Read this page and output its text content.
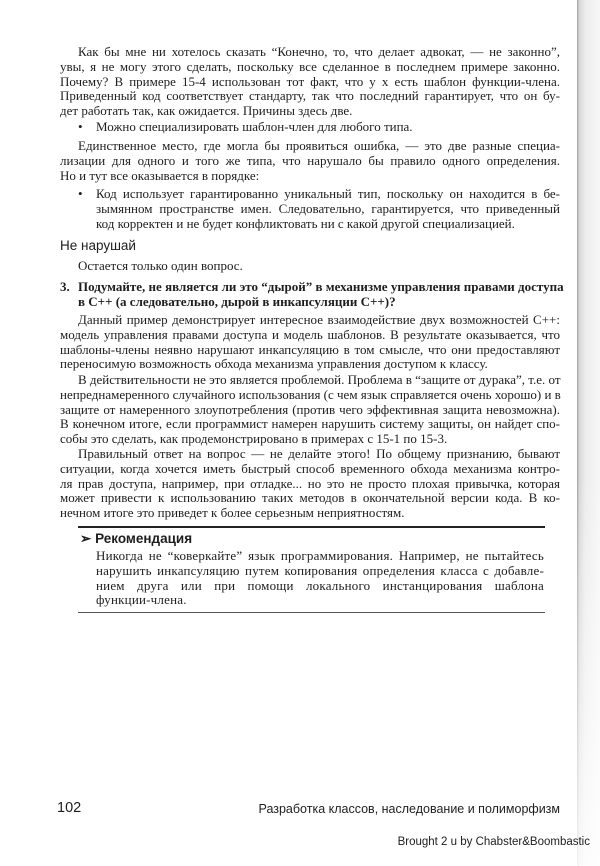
Как бы мне ни хотелось сказать “Конечно, то, что делает адвокат, — не законно”,
увы, я не могу этого сделать, поскольку все сделанное в последнем примере законно.
Почему? В примере 15-4 использован тот факт, что у x есть шаблон функции-члена.
Приведенный код соответствует стандарту, так что последний гарантирует, что он бу-
дет работать так, как ожидается. Причины здесь две.
• Можно специализировать шаблон-член для любого типа.
Единственное место, где могла бы проявиться ошибка, — это две разные специа-
лизации для одного и того же типа, что нарушало бы правило одного определения.
Но и тут все оказывается в порядке:
• Код использует гарантированно уникальный тип, поскольку он находится в бе-
зымянном пространстве имен. Следовательно, гарантируется, что приведенный
код корректен и не будет конфликтовать ни с какой другой специализацией.
Не нарушай
Остается только один вопрос.
3. Подумайте, не является ли это “дырой” в механизме управления правами доступа
в C++ (а следовательно, дырой в инкапсуляции C++)?
Данный пример демонстрирует интересное взаимодействие двух возможностей C++:
модель управления правами доступа и модель шаблонов. В результате оказывается, что
шаблоны-члены неявно нарушают инкапсуляцию в том смысле, что они предоставляют
переносимую возможность обхода механизма управления доступом к классу.
В действительности не это является проблемой. Проблема в “защите от дурака”, т.е. от
непреднамеренного случайного использования (с чем язык справляется очень хорошо) и в
защите от намеренного злоупотребления (против чего эффективная защита невозможна).
В конечном итоге, если программист намерен нарушить систему защиты, он найдет спо-
собы это сделать, как продемонстрировано в примерах с 15-1 по 15-3.
Правильный ответ на вопрос — не делайте этого! По общему признанию, бывают
ситуации, когда хочется иметь быстрый способ временного обхода механизма контро-
ля прав доступа, например, при отладке... но это не просто плохая привычка, которая
может привести к использованию таких методов в окончательной версии кода. В ко-
нечном итоге это приведет к более серьезным неприятностям.
➢ Рекомендация
Никогда не “коверкайте” язык программирования. Например, не пытайтесь
нарушить инкапсуляцию путем копирования определения класса с добавле-
нием друга или при помощи локального инстанцирования шаблона
функции-члена.
102	Разработка классов, наследование и полиморфизм
Brought 2 u by Chabster&Boombastic
